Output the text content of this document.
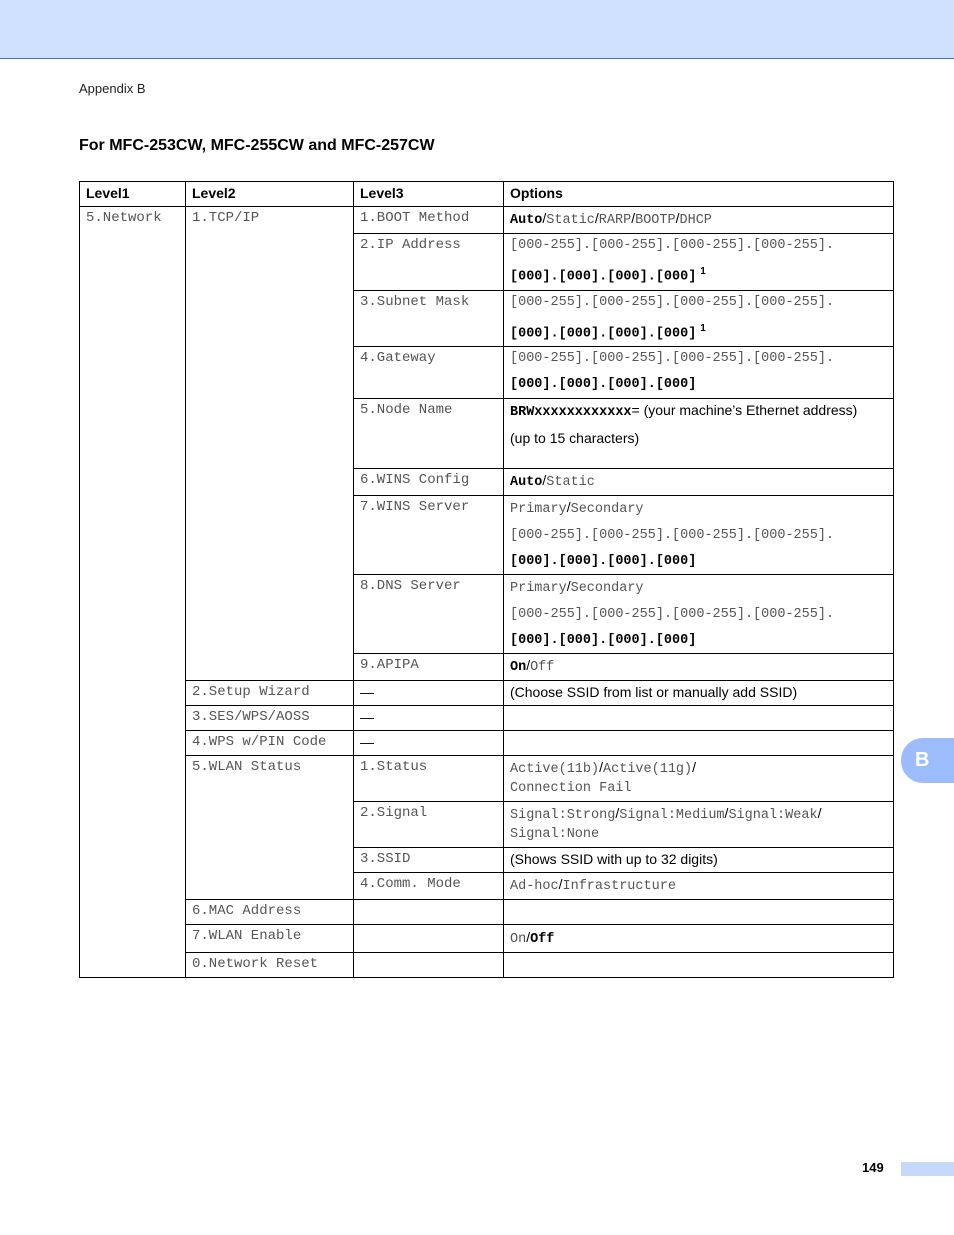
Appendix B
For MFC-253CW, MFC-255CW and MFC-257CW
Level1	Level2	Level3	Options
5.Network	1.TCP/IP	1.BOOT Method	Auto/Static/RARP/BOOTP/DHCP
		2.IP Address	[000-255].[000-255].[000-255].[000-255].
[000].[000].[000].[000] $^1$

		3.Subnet Mask	[000-255].[000-255].[000-255].[000-255].
[000].[000].[000].[000] $^1$

		4.Gateway	[000-255].[000-255].[000-255].[000-255].
[000].[000].[000].[000]

		5.Node Name	BRWxxxxxxxxxxxx= (your machine’s Ethernet address)
(up to 15 characters)

		6.WINS Config	Auto/Static
		7.WINS Server	Primary/Secondary
[000-255].[000-255].[000-255].[000-255].
[000].[000].[000].[000]

		8.DNS Server	Primary/Secondary
[000-255].[000-255].[000-255].[000-255].
[000].[000].[000].[000]

		9.APIPA	On/Off
	2.Setup Wizard	—	(Choose SSID from list or manually add SSID)
	3.SES/WPS/AOSS	—	
	4.WPS w/PIN Code	—	
	5.WLAN Status	1.Status	Active(11b)/Active(11g)/
Connection Fail
		2.Signal	Signal:Strong/Signal:Medium/Signal:Weak/
Signal:None
		3.SSID	(Shows SSID with up to 32 digits)
		4.Comm. Mode	Ad-hoc/Infrastructure
	6.MAC Address		
	7.WLAN Enable		On/Off
	0.Network Reset		
B
149
